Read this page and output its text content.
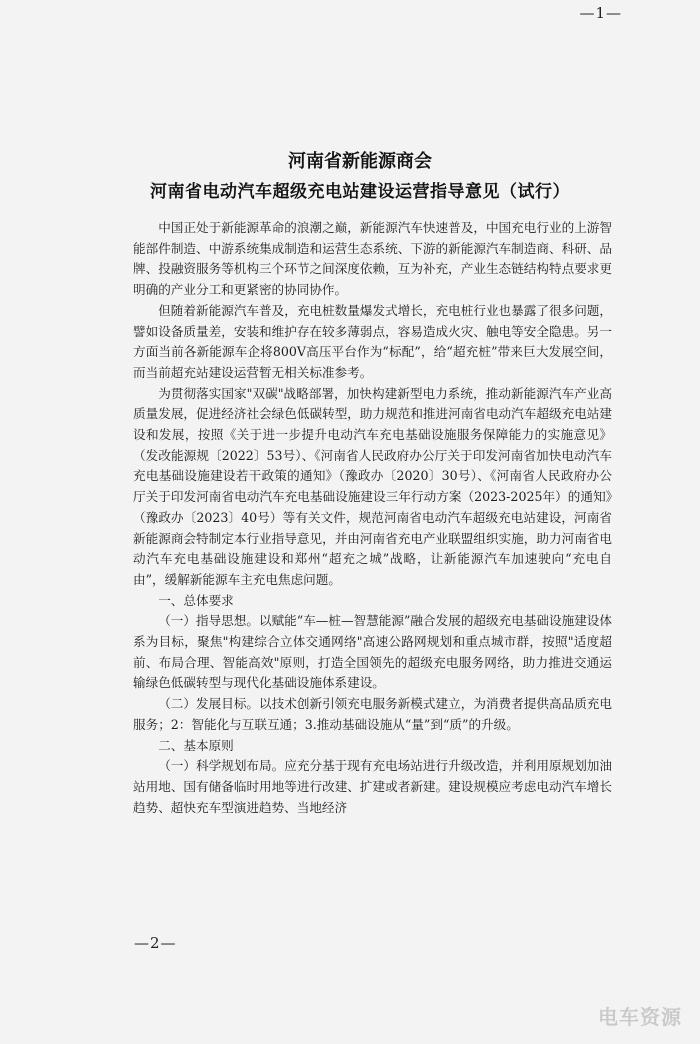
—1—
河南省新能源商会
河南省电动汽车超级充电站建设运营指导意见（试行）

中国正处于新能源革命的浪潮之巅，新能源汽车快速普及，中国充电行业的上游智能部件制造、中游系统集成制造和运营生态系统、下游的新能源汽车制造商、科研、品牌、投融资服务等机构三个环节之间深度依赖，互为补充，产业生态链结构特点要求更明确的产业分工和更紧密的协同协作。

但随着新能源汽车普及，充电桩数量爆发式增长，充电桩行业也暴露了很多问题，譬如设备质量差，安装和维护存在较多薄弱点，容易造成火灾、触电等安全隐患。另一方面当前各新能源车企将800V高压平台作为“标配”，给“超充桩”带来巨大发展空间，而当前超充站建设运营暂无相关标准参考。

为贯彻落实国家"双碳"战略部署，加快构建新型电力系统，推动新能源汽车产业高质量发展，促进经济社会绿色低碳转型，助力规范和推进河南省电动汽车超级充电站建设和发展，按照《关于进一步提升电动汽车充电基础设施服务保障能力的实施意见》（发改能源规〔2022〕53号）、《河南省人民政府办公厅关于印发河南省加快电动汽车充电基础设施建设若干政策的通知》（豫政办〔2020〕30号）、《河南省人民政府办公厅关于印发河南省电动汽车充电基础设施建设三年行动方案（2023-2025年）的通知》（豫政办〔2023〕40号）等有关文件，规范河南省电动汽车超级充电站建设，河南省新能源商会特制定本行业指导意见，并由河南省充电产业联盟组织实施，助力河南省电动汽车充电基础设施建设和郑州“超充之城”战略，让新能源汽车加速驶向“充电自由”，缓解新能源车主充电焦虑问题。

一、总体要求

（一）指导思想。以赋能“车—桩—智慧能源”融合发展的超级充电基础设施建设体系为目标，聚焦"构建综合立体交通网络"高速公路网规划和重点城市群，按照"适度超前、布局合理、智能高效"原则，打造全国领先的超级充电服务网络，助力推进交通运输绿色低碳转型与现代化基础设施体系建设。

（二）发展目标。以技术创新引领充电服务新模式建立，为消费者提供高品质充电服务；2：智能化与互联互通；3.推动基础设施从“量”到“质”的升级。

二、基本原则

（一）科学规划布局。应充分基于现有充电场站进行升级改造，并利用原规划加油站用地、国有储备临时用地等进行改建、扩建或者新建。建设规模应考虑电动汽车增长趋势、超快充车型演进趋势、当地经济

—2—
电车资源
